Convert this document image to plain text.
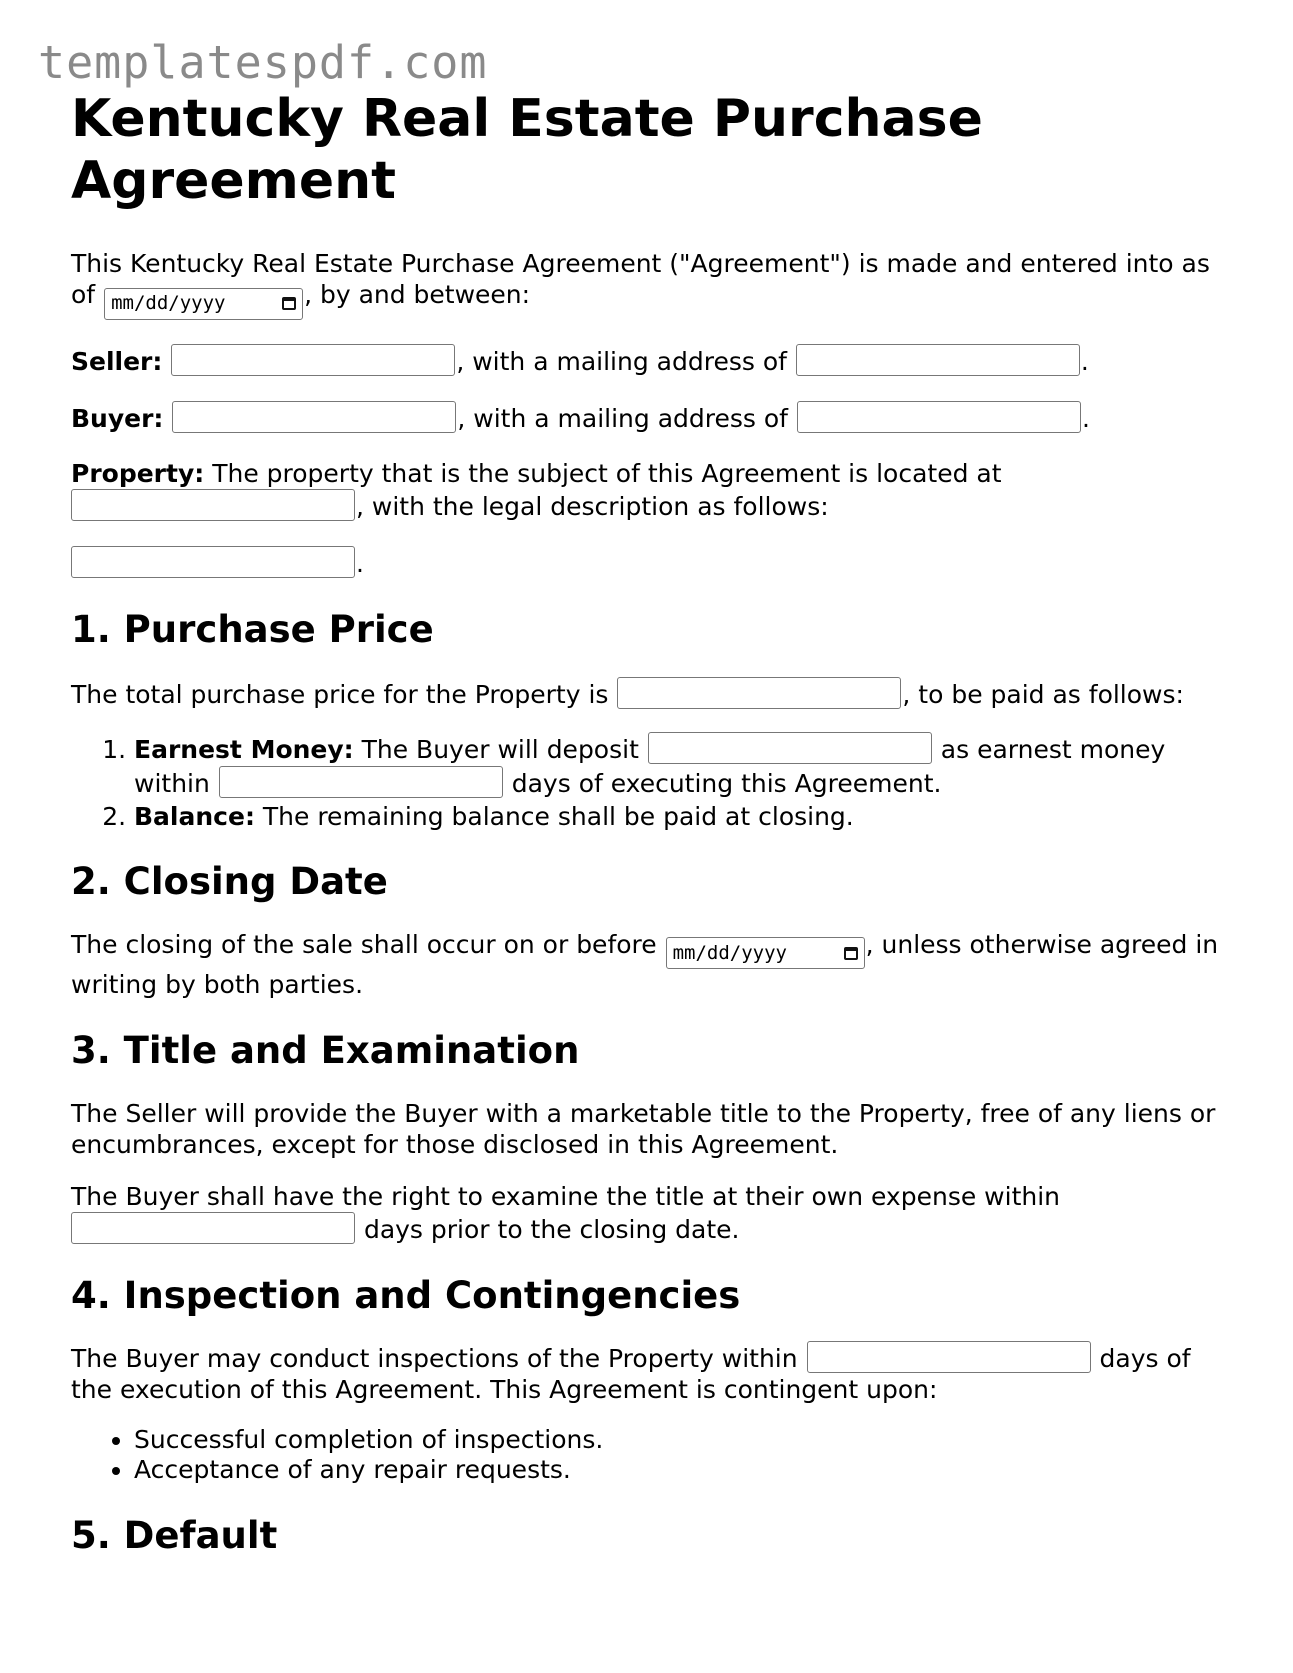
templatespdf.com
Kentucky Real Estate Purchase Agreement

This Kentucky Real Estate Purchase Agreement ("Agreement") is made and entered into as of mm/dd/yyyy	, by and between:

Seller:	, with a mailing address of	.

Buyer:	, with a mailing address of	.

Property: The property that is the subject of this Agreement is located at
, with the legal description as follows:

.

1. Purchase Price

The total purchase price for the Property is	, to be paid as follows:

1. Earnest Money: The Buyer will deposit	as earnest money within	days of executing this Agreement.
2. Balance: The remaining balance shall be paid at closing.
2. Closing Date

The closing of the sale shall occur on or before mm/dd/yyyy	, unless otherwise agreed in writing by both parties.

3. Title and Examination

The Seller will provide the Buyer with a marketable title to the Property, free of any liens or encumbrances, except for those disclosed in this Agreement.

The Buyer shall have the right to examine the title at their own expense within
days prior to the closing date.

4. Inspection and Contingencies

The Buyer may conduct inspections of the Property within	days of the execution of this Agreement. This Agreement is contingent upon:

• Successful completion of inspections.
• Acceptance of any repair requests.
5. Default
